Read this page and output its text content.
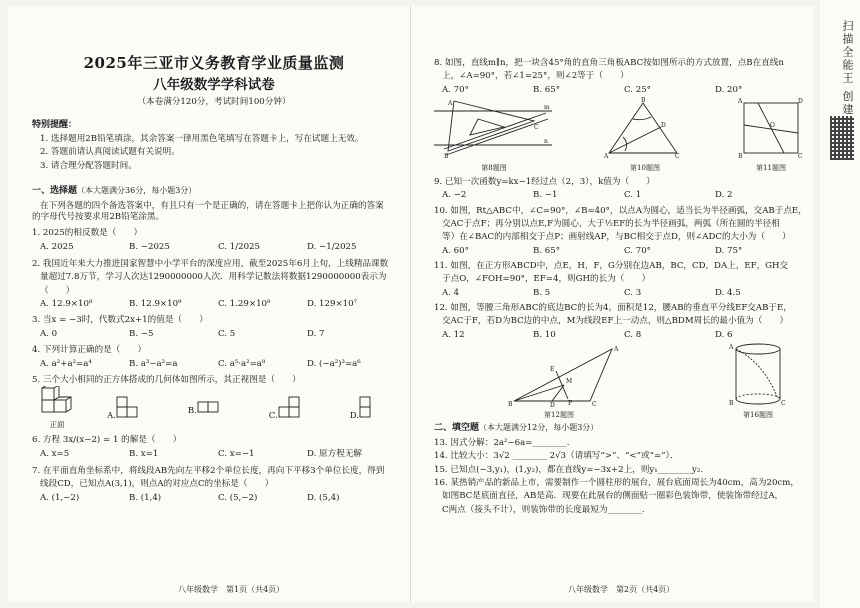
2025年三亚市义务教育学业质量监测
八年级数学学科试卷
（本卷满分120分，考试时间100分钟）
特别提醒：
1. 选择题用2B铅笔填涂，其余答案一律用黑色笔填写在答题卡上，写在试题上无效。
2. 答题前请认真阅读试题有关说明。
3. 请合理分配答题时间。
一、选择题（本大题满分36分，每小题3分）
在下列各题的四个备选答案中，有且只有一个是正确的，请在答题卡上把你认为正确的答案
的字母代号按要求用2B铅笔涂黑。
1. 2025的相反数是（　　）
A. 2025	B. −2025	C. 1/2025	D. −1/2025
2. 我国近年来大力推进国家智慧中小学平台的深度应用，截至2025年6月上旬，上线精品课数
量超过7.8万节，学习人次达1290000000人次．用科学记数法将数据1290000000表示为
（　　）
A. 12.9×10⁸	B. 12.9×10⁹	C. 1.29×10⁹	D. 129×10⁷
3. 当x = −3时，代数式2x+1的值是（　　）
A. 0	B. −5	C. 5	D. 7
4. 下列计算正确的是（　　）
A. a²+a²=a⁴	B. a³−a²=a	C. a⁵·a²=a⁸	D. (−a²)³=a⁶
5. 三个大小相同的正方体搭成的几何体如图所示，其正视图是（　　）
正面
A.	B.	C.	D.
6. 方程 3x/(x−2) = 1 的解是（　　）
A. x=5	B. x=1	C. x=−1	D. 原方程无解
7. 在平面直角坐标系中，将线段AB先向左平移2个单位长度，再向下平移3个单位长度，得到
线段CD，已知点A(3,1)，则点A的对应点C的坐标是（　　）
A. (1,−2)	B. (1,4)	C. (5,−2)	D. (5,4)
八年级数学　第1页（共4页）
8. 如图，直线m∥n，把一块含45°角的直角三角板ABC按如图所示的方式放置，点B在直线n
上，∠A=90°，若∠1=25°，则∠2等于（　　）
A. 70°	B. 65°	C. 25°	D. 20°
A
m
n
B
C
第8题图
B
A	C
D
第10题图
A	D
B	C
O
第11题图
9. 已知一次函数y=kx−1经过点（2，3），k值为（　　）
A. −2	B. −1	C. 1	D. 2
10. 如图，Rt△ABC中，∠C=90°，∠B=40°，以点A为圆心，适当长为半径画弧，交AB于点E，
交AC于点F；再分别以点E,F为圆心，大于½EF的长为半径画弧，两弧（所在圆的半径相
等）在∠BAC的内部相交于点P；画射线AP，与BC相交于点D，则∠ADC的大小为（　　）
A. 60°	B. 65°	C. 70°	D. 75°
11. 如图，在正方形ABCD中，点E，H，F，G分别在边AB，BC，CD，DA上，EF，GH交
于点O，∠FOH=90°，EF=4，则GH的长为（　　）
A. 4	B. 5	C. 3	D. 4.5
12. 如图，等腰三角形ABC的底边BC的长为4，面积是12，腰AB的垂直平分线EF交AB于E，
交AC于F，若D为BC边的中点，M为线段EF上一动点，则△BDM周长的最小值为（　　）
A. 12	B. 10	C. 8	D. 6
A
B	C
E
M
D F
第12题图
A
B	C
第16题图
二、填空题（本大题满分12分，每小题3分）
13. 因式分解：2a²−6a=________.
14. 比较大小：3√2 ________ 2√3（请填写“>”、“<”或“=”）．
15. 已知点(−3,y₁)，(1,y₂)，都在直线y=−3x+2上，则y₁________y₂.
16. 某热销产品的新品上市，需要制作一个圆柱形的展台，展台底面周长为40cm，高为20cm，
如图BC是底面直径，AB是高．现要在此展台的侧面贴一圈彩色装饰带，使装饰带经过A，
C两点（接头不计），则装饰带的长度最短为________.
八年级数学　第2页（共4页）
扫描全能王 创建
